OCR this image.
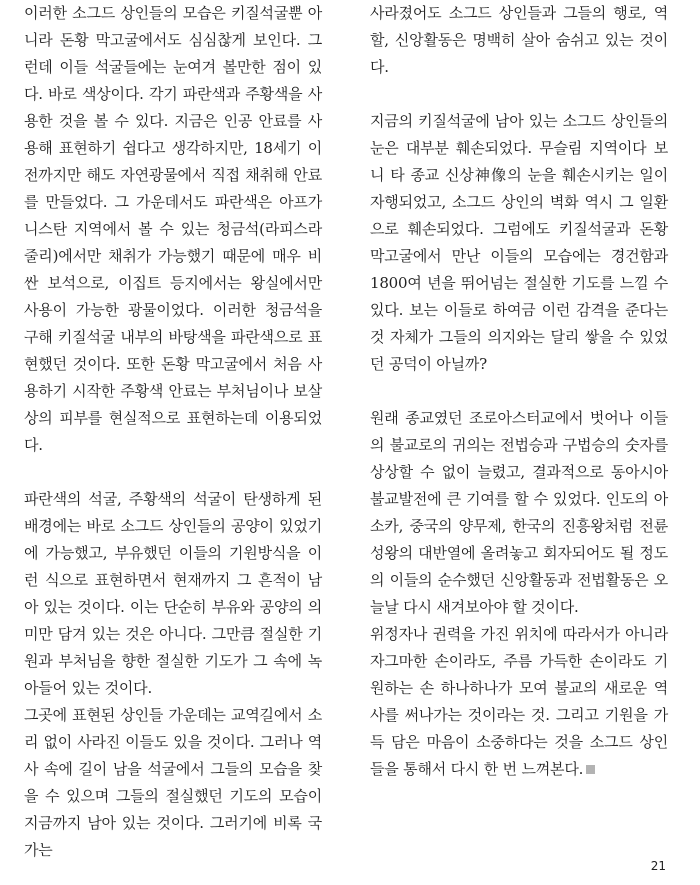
이러한 소그드 상인들의 모습은 키질석굴뿐 아니라 돈황 막고굴에서도 심심찮게 보인다. 그런데 이들 석굴들에는 눈여겨 볼만한 점이 있다. 바로 색상이다. 각기 파란색과 주황색을 사용한 것을 볼 수 있다. 지금은 인공 안료를 사용해 표현하기 쉽다고 생각하지만, 18세기 이전까지만 해도 자연광물에서 직접 채취해 안료를 만들었다. 그 가운데서도 파란색은 아프가니스탄 지역에서 볼 수 있는 청금석(라피스라줄리)에서만 채취가 가능했기 때문에 매우 비싼 보석으로, 이집트 등지에서는 왕실에서만 사용이 가능한 광물이었다. 이러한 청금석을 구해 키질석굴 내부의 바탕색을 파란색으로 표현했던 것이다. 또한 돈황 막고굴에서 처음 사용하기 시작한 주황색 안료는 부처님이나 보살상의 피부를 현실적으로 표현하는데 이용되었다.

파란색의 석굴, 주황색의 석굴이 탄생하게 된 배경에는 바로 소그드 상인들의 공양이 있었기에 가능했고, 부유했던 이들의 기원방식을 이런 식으로 표현하면서 현재까지 그 흔적이 남아 있는 것이다. 이는 단순히 부유와 공양의 의미만 담겨 있는 것은 아니다. 그만큼 절실한 기원과 부처님을 향한 절실한 기도가 그 속에 녹아들어 있는 것이다.

그곳에 표현된 상인들 가운데는 교역길에서 소리 없이 사라진 이들도 있을 것이다. 그러나 역사 속에 길이 남을 석굴에서 그들의 모습을 찾을 수 있으며 그들의 절실했던 기도의 모습이 지금까지 남아 있는 것이다. 그러기에 비록 국가는

사라졌어도 소그드 상인들과 그들의 행로, 역할, 신앙활동은 명백히 살아 숨쉬고 있는 것이다.

지금의 키질석굴에 남아 있는 소그드 상인들의 눈은 대부분 훼손되었다. 무슬림 지역이다 보니 타 종교 신상神像의 눈을 훼손시키는 일이 자행되었고, 소그드 상인의 벽화 역시 그 일환으로 훼손되었다. 그럼에도 키질석굴과 돈황 막고굴에서 만난 이들의 모습에는 경건함과 1800여 년을 뛰어넘는 절실한 기도를 느낄 수 있다. 보는 이들로 하여금 이런 감격을 준다는 것 자체가 그들의 의지와는 달리 쌓을 수 있었던 공덕이 아닐까?

원래 종교였던 조로아스터교에서 벗어나 이들의 불교로의 귀의는 전법승과 구법승의 숫자를 상상할 수 없이 늘렸고, 결과적으로 동아시아 불교발전에 큰 기여를 할 수 있었다. 인도의 아소카, 중국의 양무제, 한국의 진흥왕처럼 전륜성왕의 대반열에 올려놓고 회자되어도 될 정도의 이들의 순수했던 신앙활동과 전법활동은 오늘날 다시 새겨보아야 할 것이다.

위정자나 권력을 가진 위치에 따라서가 아니라 자그마한 손이라도, 주름 가득한 손이라도 기원하는 손 하나하나가 모여 불교의 새로운 역사를 써나가는 것이라는 것. 그리고 기원을 가득 담은 마음이 소중하다는 것을 소그드 상인들을 통해서 다시 한 번 느껴본다.

21
